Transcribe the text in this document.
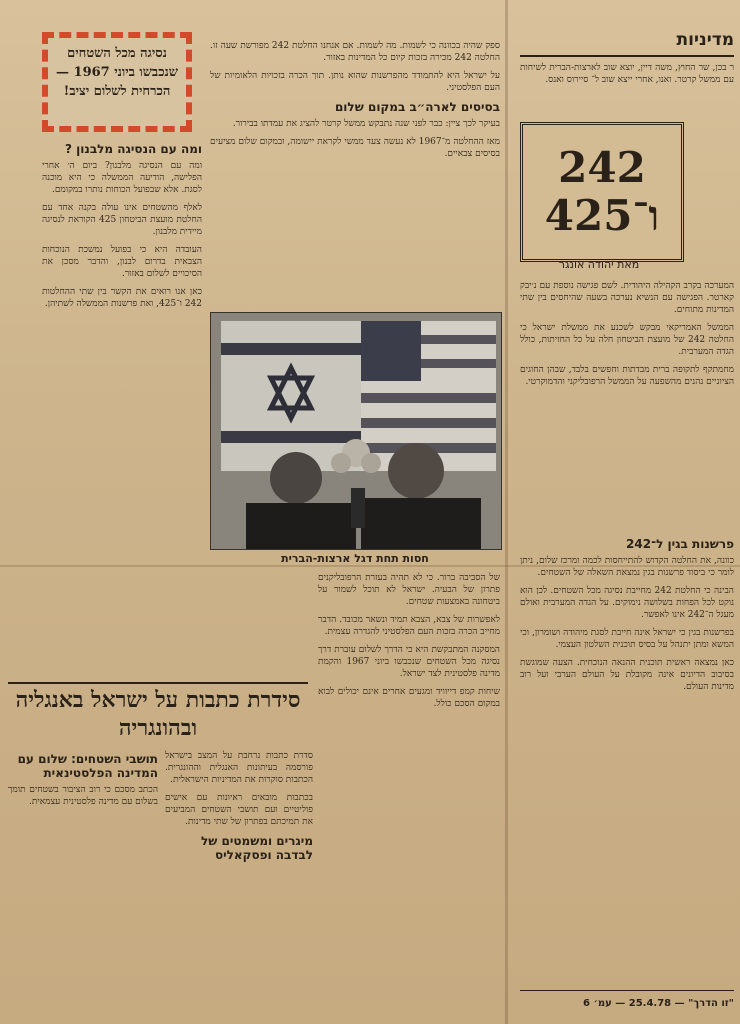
מדיניות
242
ו־425
מאת יהודה אונגר
נסיגה מכל השטחים שנכבשו ביוני 1967 — הכרחית לשלום יציב!

המערכה בקרב הקהילה היהודית. לשם פגישה נוספת עם נ׳יבק קארטר. הפגישה עם הנשיא נערכה בשעה שהיחסים בין שתי המדינות מתוחים.

הממשל האמריקאי מבקש לשכנע את ממשלת ישראל כי החלטה 242 של מועצת הביטחון חלה על כל החזיתות, כולל הגדה המערבית.

מחמתקף לתקופה ברית מבדתות וחפשים בלבד, שבהן החוגים הציוניים נהנים מהשפעה על הממשל הרפובליקני והדמוקרטי.

ר בכן, שר החוץ, משה דיין, יוצא שוב לארצות-הברית לשיחות עם ממשל קרטר. ואנו, אחרי ייצא שוב ל־ סיירוס ואנס.

פרשנות בגין ל־242

כוונה, את החלטה הקדוש להתייחסות לכמה ומרכז שלום, ניתן לומר כי ביסוד פרשנות בגין נמצאת השאלה של השטחים.

הבינה כי החלטת 242 מחייבת נסיגה מכל השטחים. לכן הוא נוקט לכל הפחות בשלושה נימוקים. על הגדה המערבית ואולם מעגל ה־242 אינו לאפשר.

בפרשנות בגין כי ישראל אינה חייבת לסגת מיהודה ושומרון, וכי המשא ומתן יתנהל על בסיס תוכנית השלטון העצמי.

כאן נמצאה ראשית תוכנית ההנאה הנוכחית. הצעה שמוגשת בסיבוב הדיונים אינה מקובלת על העולם הערבי ועל רוב מדינות העולם.

ספק שהיה בכוונה כי לשמות. מה לשמות. אם אנחנו החלטת 242 מפורשת שעה זו. החלטה 242 מכירה בזכות קיום כל המדינות באזור.

על ישראל היא להתמודד מהפרשנות שהוא נותן. תוך הכרה בזכויות הלאומיות של העם הפלסטיני.

בסיסים לארה״ב במקום שלום

בעיקר לכך ציין: כבר לפני שנה נתבקש ממשל קרטר להציג את עמדתו בבירור.

מאז ההחלטה מ־1967 לא נעשה צעד ממשי לקראת יישומה, ובמקום שלום מציעים בסיסים צבאיים.

חסות תחת דגל ארצות-הברית

של הסביבה ברור. כי לא תהיה בעזרת הרפובליקנים פתרון של הבעיה. ישראל לא תוכל לשמור על ביטחונה באמצעות שטחים.

לאפשרות של צבא, הצבא תמיד ונשאר מכובד. הדבר מחייב הכרה בזכות העם הפלסטיני להגדרה עצמית.

המסקנה המתבקשת היא כי הדרך לשלום עוברת דרך נסיגה מכל השטחים שנכבשו ביוני 1967 והקמת מדינה פלסטינית לצד ישראל.

שיחות קמפ דייוויד ומגעים אחרים אינם יכולים לבוא במקום הסכם כולל.

ומה עם הנסיגה מלבנון ?

ומה עם הנסיגה מלבנון? ביום ה׳ אחרי הפלישה, הודיעה הממשלה כי היא מוכנה לסגת. אלא שבפועל הכוחות נותרו במקומם.

לאלף מהשטחים אינו עולה בקנה אחד עם החלטת מועצת הביטחון 425 הקוראת לנסיגה מיידית מלבנון.

העובדה היא כי בפועל נמשכת הנוכחות הצבאית בדרום לבנון, והדבר מסכן את הסיכויים לשלום באזור.

כאן אנו רואים את הקשר בין שתי ההחלטות 242 ו־425, ואת פרשנות הממשלה לשתיהן.

סידרת כתבות על ישראל באנגליה ובהונגריה
תושבי השטחים: שלום עם המדינה הפלסטינאית

הכתב מסכם כי רוב הציבור בשטחים תומך בשלום עם מדינה פלסטינית עצמאית.

סדרת כתבות נרחבת על המצב בישראל פורסמה בעיתונות האנגלית וההונגרית. הכתבות סוקרות את המדיניות הישראלית.

בכתבות מובאים ראיונות עם אישים פוליטיים ועם תושבי השטחים המביעים את תמיכתם בפתרון של שתי מדינות.

מיגרים ומשמטים של לבדבה ופסקאליס
"זו הדרך" — 25.4.78 — עמ׳ 6
